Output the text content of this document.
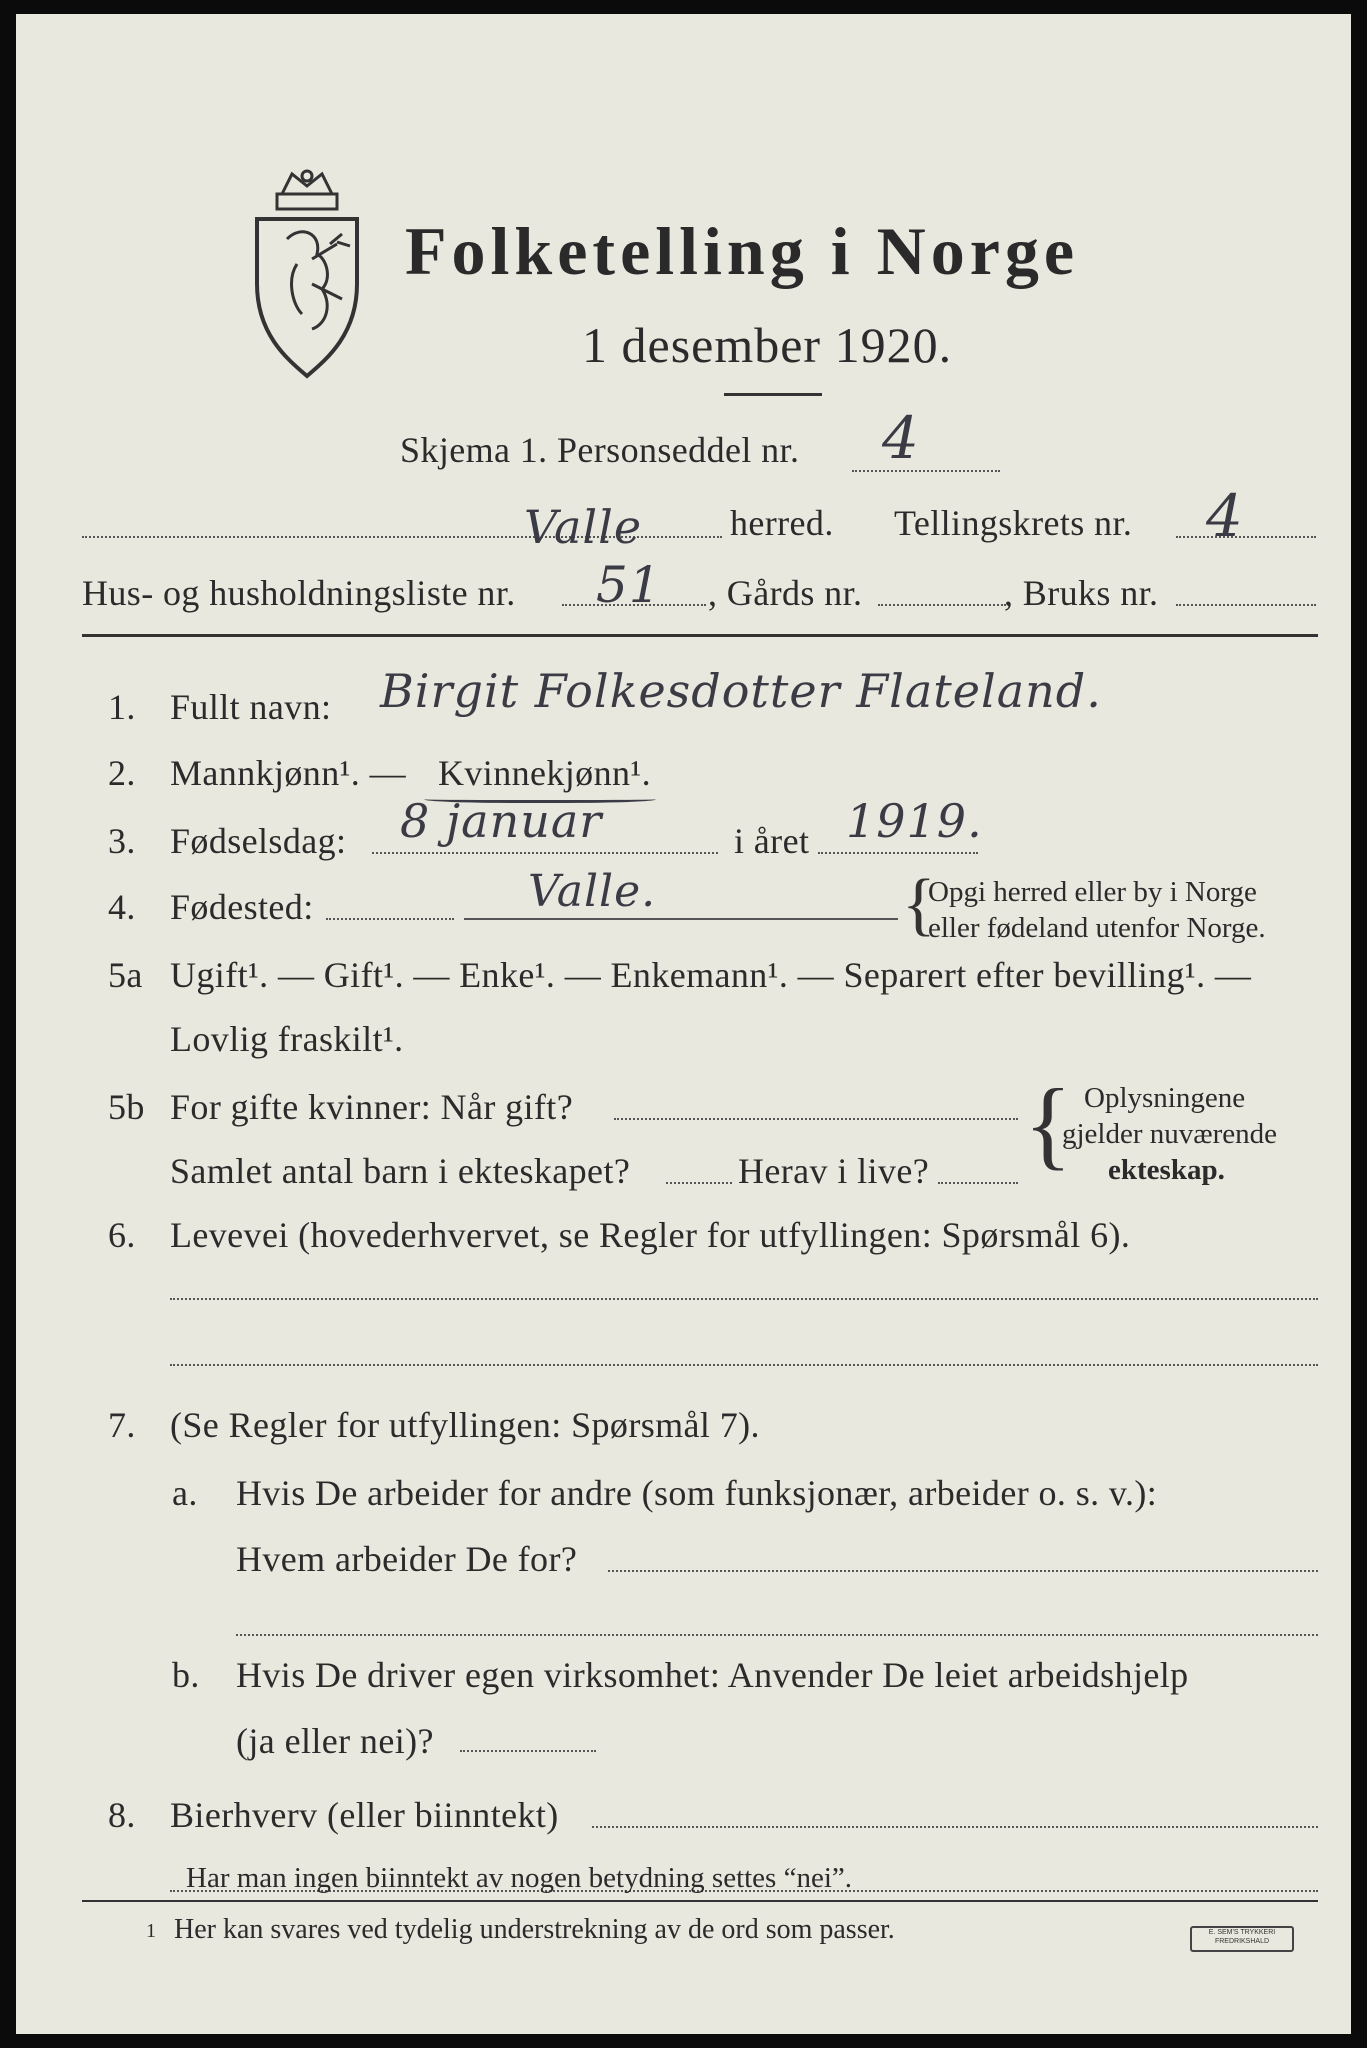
Folketelling i Norge
1 desember 1920.
Skjema 1. Personseddel nr. 4
Valle herred. Tellingskrets nr. 4
Hus- og husholdningsliste nr. 51 , Gårds nr.	, Bruks nr.
1. Fullt navn: Birgit Folkesdotter Flateland.
2. Mannkjønn¹. — Kvinnekjønn¹.
3. Fødselsdag: 8 januar	i året 1919.
4. Fødested:	Valle.	{
Opgi herred eller by i Norge
eller fødeland utenfor Norge.
5a Ugift¹. — Gift¹. — Enke¹. — Enkemann¹. — Separert efter bevilling¹. —
Lovlig fraskilt¹.
5b For gifte kvinner: Når gift?
Samlet antal barn i ekteskapet?	Herav i live? { Oplysningene
gjelder nuværende
ekteskap.
6. Levevei (hovederhvervet, se Regler for utfyllingen: Spørsmål 6).
7. (Se Regler for utfyllingen: Spørsmål 7).
a. Hvis De arbeider for andre (som funksjonær, arbeider o. s. v.):
Hvem arbeider De for?
b. Hvis De driver egen virksomhet: Anvender De leiet arbeidshjelp
(ja eller nei)?
8. Bierhverv (eller biinntekt)
Har man ingen biinntekt av nogen betydning settes “nei”.
1 Her kan svares ved tydelig understrekning av de ord som passer.	E. SEM'S TRYKKERI FREDRIKSHALD
